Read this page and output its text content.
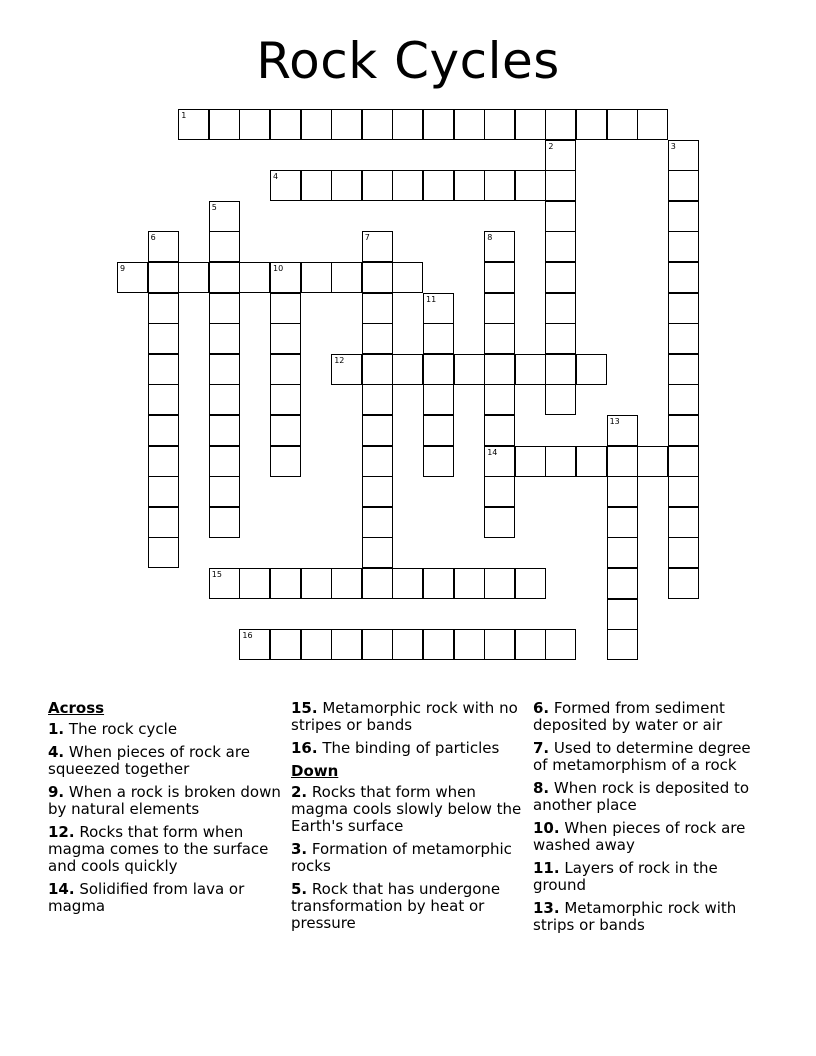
Rock Cycles
1
4
9
12
14
15
16
2	3
5
6	7	8
10
11
13
Across
1. The rock cycle
4. When pieces of rock are squeezed together
9. When a rock is broken down by natural elements
12. Rocks that form when magma comes to the surface and cools quickly
14. Solidified from lava or magma
15. Metamorphic rock with no stripes or bands
16. The binding of particles
Down
2. Rocks that form when magma cools slowly below the Earth's surface
3. Formation of metamorphic rocks
5. Rock that has undergone transformation by heat or pressure
6. Formed from sediment deposited by water or air
7. Used to determine degree of metamorphism of a rock
8. When rock is deposited to another place
10. When pieces of rock are washed away
11. Layers of rock in the ground
13. Metamorphic rock with strips or bands
